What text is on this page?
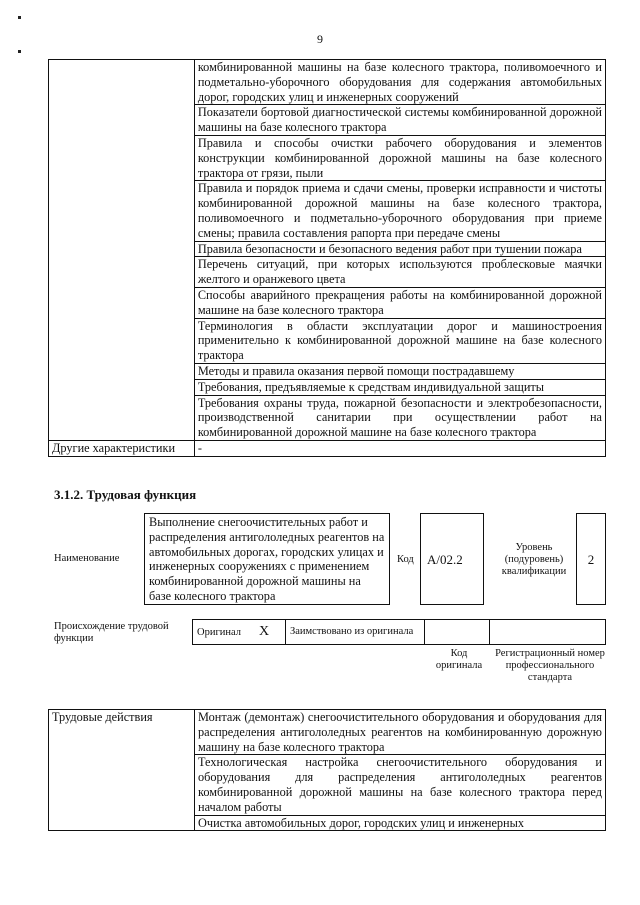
9
	комбинированной машины на базе колесного трактора, поливомоечного и подметально-уборочного оборудования для содержания автомобильных дорог, городских улиц и инженерных сооружений
	Показатели бортовой диагностической системы комбинированной дорожной машины на базе колесного трактора
	Правила и способы очистки рабочего оборудования и элементов конструкции комбинированной дорожной машины на базе колесного трактора от грязи, пыли
	Правила и порядок приема и сдачи смены, проверки исправности и чистоты комбинированной дорожной машины на базе колесного трактора, поливомоечного и подметально-уборочного оборудования при приеме смены; правила составления рапорта при передаче смены
	Правила безопасности и безопасного ведения работ при тушении пожара
	Перечень ситуаций, при которых используются проблесковые маячки желтого и оранжевого цвета
	Способы аварийного прекращения работы на комбинированной дорожной машине на базе колесного трактора
	Терминология в области эксплуатации дорог и машиностроения применительно к комбинированной дорожной машине на базе колесного трактора
	Методы и правила оказания первой помощи пострадавшему
	Требования, предъявляемые к средствам индивидуальной защиты
	Требования охраны труда, пожарной безопасности и электробезопасности, производственной санитарии при осуществлении работ на комбинированной дорожной машине на базе колесного трактора
Другие характеристики	-
3.1.2. Трудовая функция
Наименование
Выполнение снегоочистительных работ и распределения антигололедных реагентов на автомобильных дорогах, городских улицах и инженерных сооружениях с применением комбинированной дорожной машины на базе колесного трактора
Код	А/02.2
Уровень (подуровень) квалификации
2
Происхождение трудовой функции
Оригинал X	Заимствовано из оригинала
Код оригинала
Регистрационный номер профессионального стандарта
Трудовые действия	Монтаж (демонтаж) снегоочистительного оборудования и оборудования для распределения антигололедных реагентов на комбинированную дорожную машину на базе колесного трактора
Технологическая настройка снегоочистительного оборудования и оборудования для распределения антигололедных реагентов комбинированной дорожной машины на базе колесного трактора перед началом работы
Очистка автомобильных дорог, городских улиц и инженерных
